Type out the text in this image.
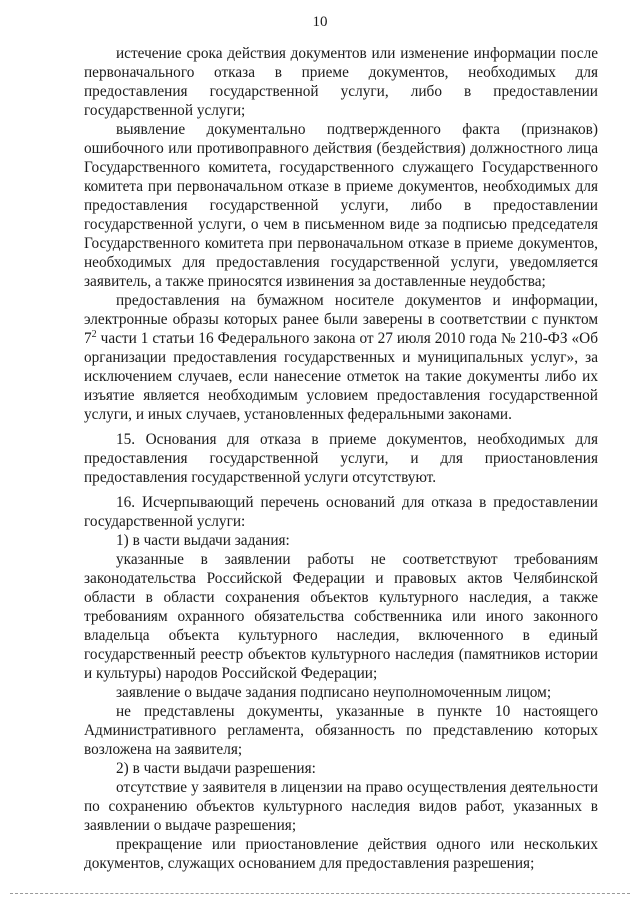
10

истечение срока действия документов или изменение информации после первоначального отказа в приеме документов, необходимых для предоставления государственной услуги, либо в предоставлении государственной услуги;

выявление документально подтвержденного факта (признаков) ошибочного или противоправного действия (бездействия) должностного лица Государственного комитета, государственного служащего Государственного комитета при первоначальном отказе в приеме документов, необходимых для предоставления государственной услуги, либо в предоставлении государственной услуги, о чем в письменном виде за подписью председателя Государственного комитета при первоначальном отказе в приеме документов, необходимых для предоставления государственной услуги, уведомляется заявитель, а также приносятся извинения за доставленные неудобства;

предоставления на бумажном носителе документов и информации, электронные образы которых ранее были заверены в соответствии с пунктом $7^2$ части 1 статьи 16 Федерального закона от 27 июля 2010 года № 210-ФЗ «Об организации предоставления государственных и муниципальных услуг», за исключением случаев, если нанесение отметок на такие документы либо их изъятие является необходимым условием предоставления государственной услуги, и иных случаев, установленных федеральными законами.

15. Основания для отказа в приеме документов, необходимых для предоставления государственной услуги, и для приостановления предоставления государственной услуги отсутствуют.

16. Исчерпывающий перечень оснований для отказа в предоставлении государственной услуги:

1) в части выдачи задания:

указанные в заявлении работы не соответствуют требованиям законодательства Российской Федерации и правовых актов Челябинской области в области сохранения объектов культурного наследия, а также требованиям охранного обязательства собственника или иного законного владельца объекта культурного наследия, включенного в единый государственный реестр объектов культурного наследия (памятников истории и культуры) народов Российской Федерации;

заявление о выдаче задания подписано неуполномоченным лицом;

не представлены документы, указанные в пункте 10 настоящего Административного регламента, обязанность по представлению которых возложена на заявителя;

2) в части выдачи разрешения:

отсутствие у заявителя в лицензии на право осуществления деятельности по сохранению объектов культурного наследия видов работ, указанных в заявлении о выдаче разрешения;

прекращение или приостановление действия одного или нескольких документов, служащих основанием для предоставления разрешения;
